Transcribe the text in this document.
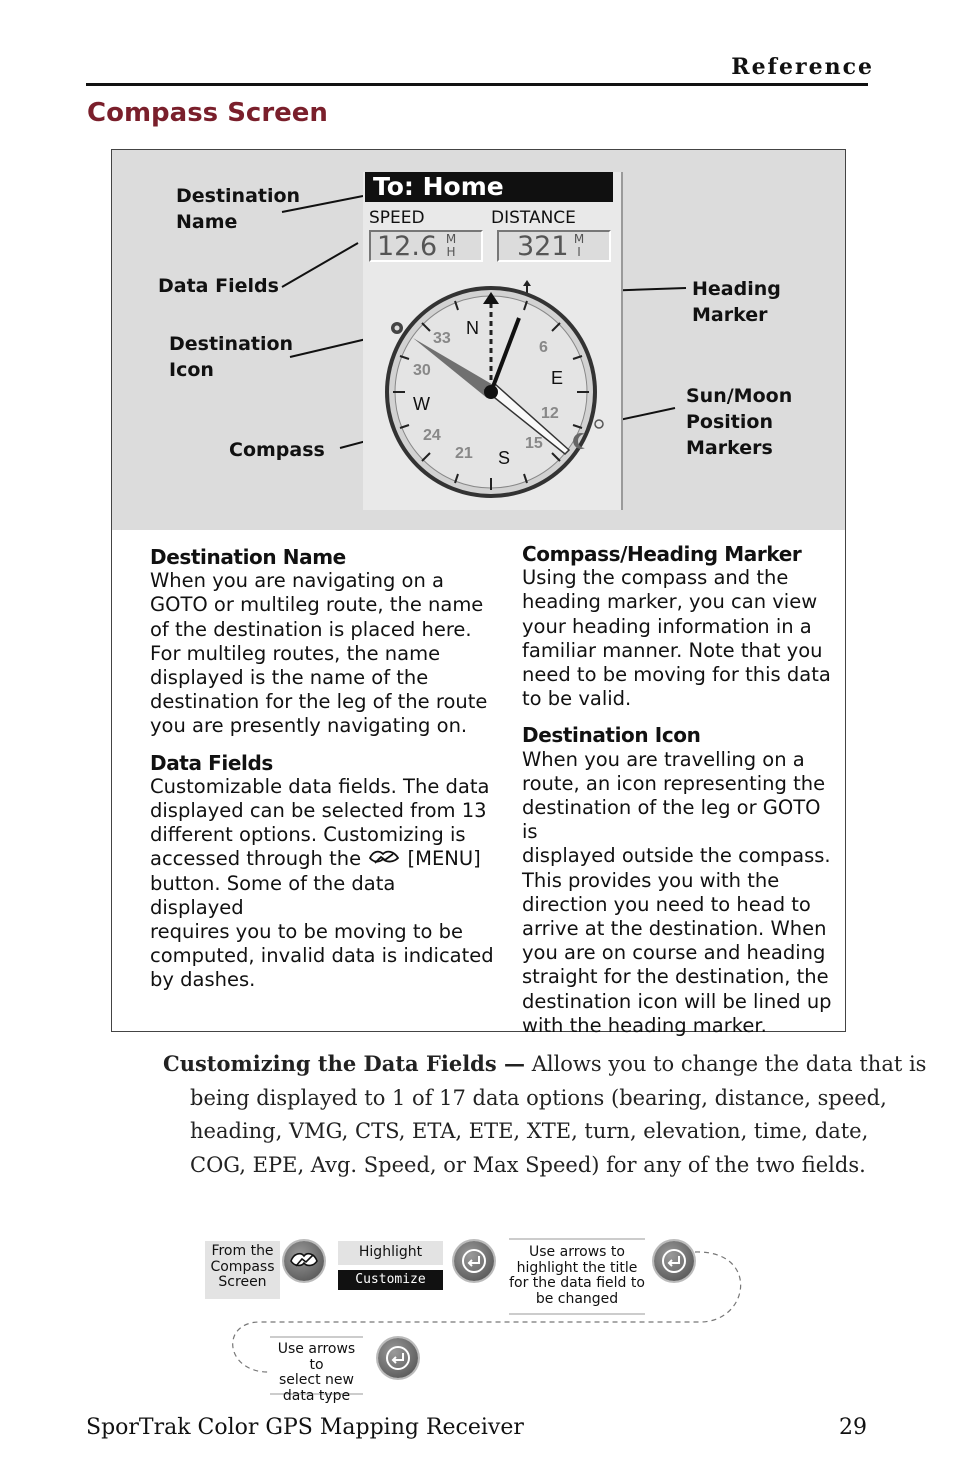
Reference
Compass Screen
Destination
Name
Data Fields
Destination
Icon
Compass
Heading
Marker
Sun/Moon
Position
Markers
To: Home
SPEED	DISTANCE
12.6 M
H 321 M
I
33
6
30
12
24
21
15
N
E
S
W
Destination Name
When you are navigating on a
GOTO or multileg route, the name
of the destination is placed here.
For multileg routes, the name
displayed is the name of the
destination for the leg of the route
you are presently navigating on.
Data Fields
Customizable data fields. The data
displayed can be selected from 13
different options. Customizing is
accessed through the [MENU]
button. Some of the data displayed
requires you to be moving to be
computed, invalid data is indicated
by dashes.
Compass/Heading Marker
Using the compass and the
heading marker, you can view
your heading information in a
familiar manner. Note that you
need to be moving for this data
to be valid.
Destination Icon
When you are travelling on a
route, an icon representing the
destination of the leg or GOTO is
displayed outside the compass.
This provides you with the
direction you need to head to
arrive at the destination. When
you are on course and heading
straight for the destination, the
destination icon will be lined up
with the heading marker.
Customizing the Data Fields — Allows you to change the data that is
being displayed to 1 of 17 data options (bearing, distance, speed,
heading, VMG, CTS, ETA, ETE, XTE, turn, elevation, time, date,
COG, EPE, Avg. Speed, or Max Speed) for any of the two fields.
From the
Compass
Screen
Highlight
Customize
Use arrows to
highlight the title
for the data field to
be changed
Use arrows to
select new
data type
SporTrak Color GPS Mapping Receiver	29
